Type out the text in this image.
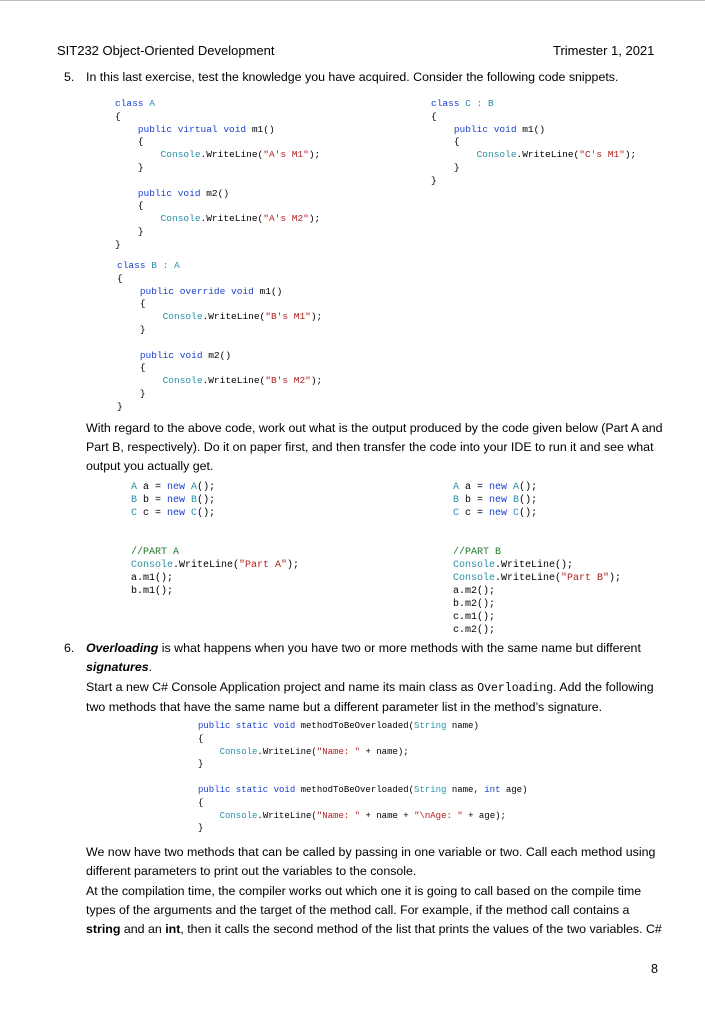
SIT232 Object-Oriented Development	Trimester 1, 2021
5. In this last exercise, test the knowledge you have acquired. Consider the following code snippets.
class A
{
public virtual void m1()
{
Console.WriteLine("A's M1");
}

public void m2()
{
Console.WriteLine("A's M2");
}
}
class B : A
{
public override void m1()
{
Console.WriteLine("B's M1");
}

public void m2()
{
Console.WriteLine("B's M2");
}
}
class C : B
{
public void m1()
{
Console.WriteLine("C's M1");
}
}
With regard to the above code, work out what is the output produced by the code given below (Part A and Part B, respectively). Do it on paper first, and then transfer the code into your IDE to run it and see what output you actually get.
A a = new A();
B b = new B();
C c = new C();

//PART A
Console.WriteLine("Part A");
a.m1();
b.m1();
A a = new A();
B b = new B();
C c = new C();

//PART B
Console.WriteLine();
Console.WriteLine("Part B");
a.m2();
b.m2();
c.m1();
c.m2();
6. Overloading is what happens when you have two or more methods with the same name but different signatures.
Start a new C# Console Application project and name its main class as Overloading. Add the following two methods that have the same name but a different parameter list in the method’s signature.
public static void methodToBeOverloaded(String name)
{
Console.WriteLine("Name: " + name);
}

public static void methodToBeOverloaded(String name, int age)
{
Console.WriteLine("Name: " + name + "\nAge: " + age);
}
We now have two methods that can be called by passing in one variable or two. Call each method using different parameters to print out the variables to the console.
At the compilation time, the compiler works out which one it is going to call based on the compile time types of the arguments and the target of the method call. For example, if the method call contains a string and an int, then it calls the second method of the list that prints the values of the two variables. C#
8
